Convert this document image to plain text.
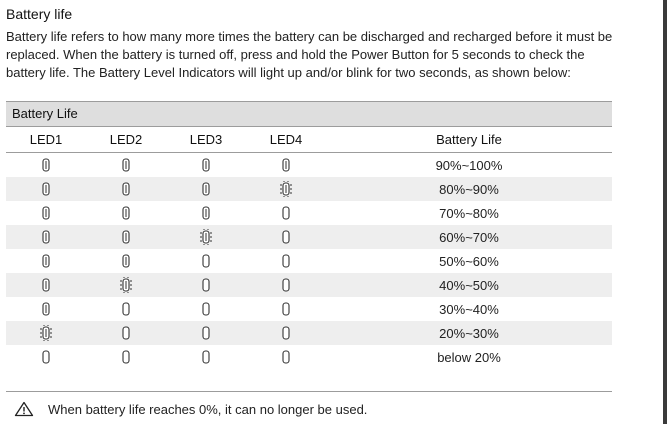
Battery life
Battery life refers to how many more times the battery can be discharged and recharged before it must be replaced. When the battery is turned off, press and hold the Power Button for 5 seconds to check the battery life. The Battery Level Indicators will light up and/or blink for two seconds, as shown below:
Battery Life
LED1	LED2	LED3	LED4	Battery Life
				90%~100%
				80%~90%
				70%~80%
				60%~70%
				50%~60%
				40%~50%
				30%~40%
				20%~30%
				below 20%
When battery life reaches 0%, it can no longer be used.
